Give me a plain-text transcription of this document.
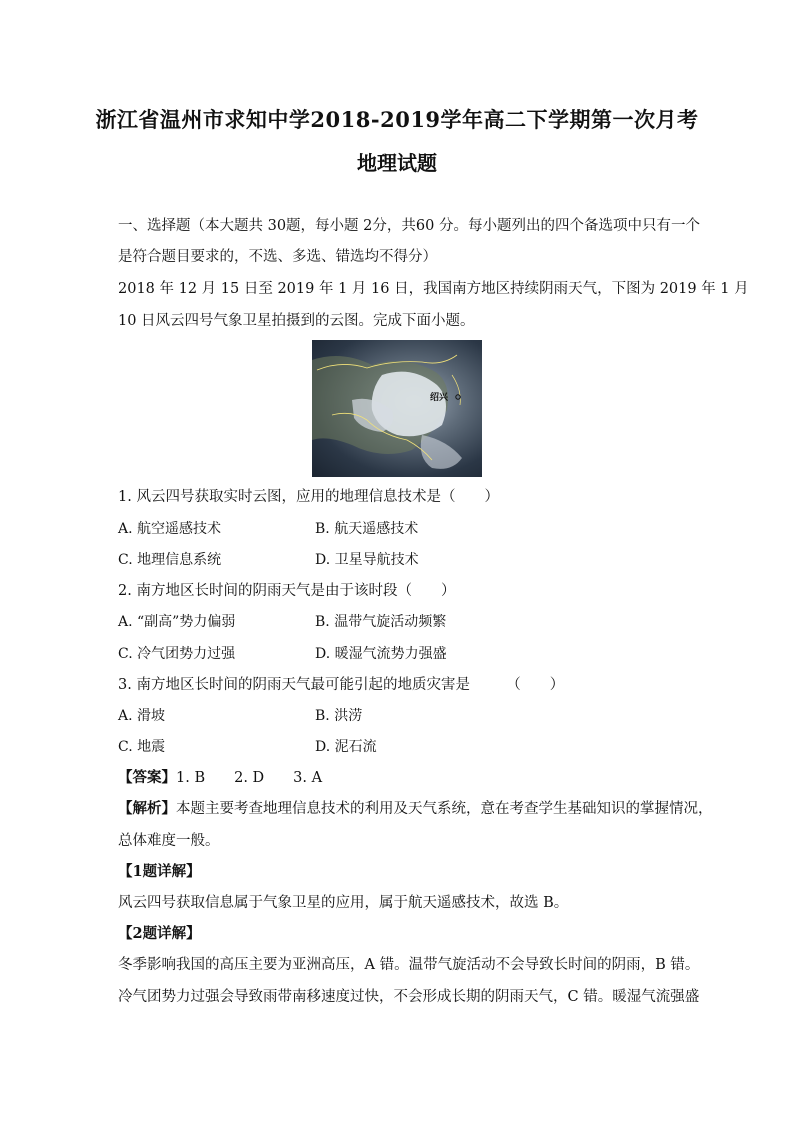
浙江省温州市求知中学2018-2019学年高二下学期第一次月考
地理试题
一、选择题（本大题共 30题，每小题 2分，共60 分。每小题列出的四个备选项中只有一个
是符合题目要求的，不选、多选、错选均不得分）
2018 年 12 月 15 日至 2019 年 1 月 16 日，我国南方地区持续阴雨天气，下图为 2019 年 1 月
10 日风云四号气象卫星拍摄到的云图。完成下面小题。
绍兴
1. 风云四号获取实时云图，应用的地理信息技术是（　　）
A. 航空遥感技术	B. 航天遥感技术
C. 地理信息系统	D. 卫星导航技术
2. 南方地区长时间的阴雨天气是由于该时段（　　）
A. “副高”势力偏弱	B. 温带气旋活动频繁
C. 冷气团势力过强	D. 暖湿气流势力强盛
3. 南方地区长时间的阴雨天气最可能引起的地质灾害是　　　（　　）
A. 滑坡	B. 洪涝
C. 地震	D. 泥石流
【答案】1. B　　2. D　　3. A
【解析】本题主要考查地理信息技术的利用及天气系统，意在考查学生基础知识的掌握情况，
总体难度一般。
【1题详解】
风云四号获取信息属于气象卫星的应用，属于航天遥感技术，故选 B。
【2题详解】
冬季影响我国的高压主要为亚洲高压，A 错。温带气旋活动不会导致长时间的阴雨，B 错。
冷气团势力过强会导致雨带南移速度过快，不会形成长期的阴雨天气，C 错。暖湿气流强盛
